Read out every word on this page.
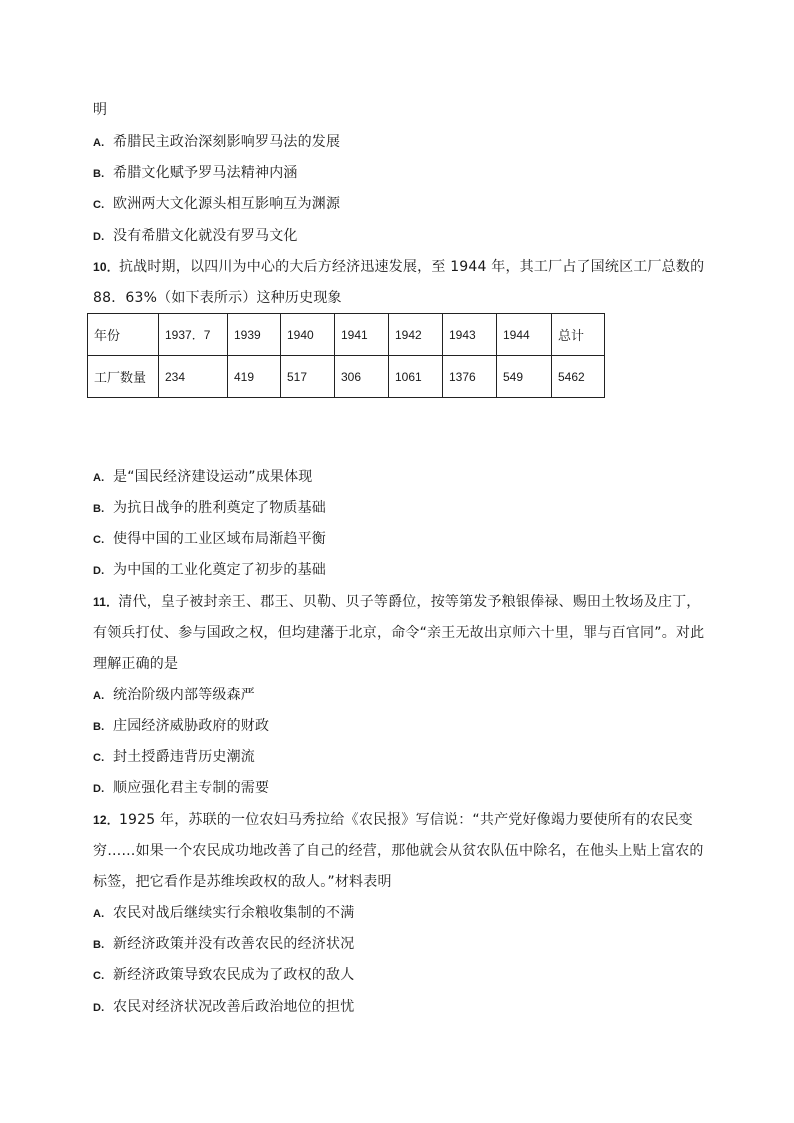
明
A. 希腊民主政治深刻影响罗马法的发展
B. 希腊文化赋予罗马法精神内涵
C. 欧洲两大文化源头相互影响互为渊源
D. 没有希腊文化就没有罗马文化
10．抗战时期，以四川为中心的大后方经济迅速发展，至 1944 年，其工厂占了国统区工厂总数的
88．63%（如下表所示）这种历史现象
年份	1937．7	1939	1940	1941	1942	1943	1944	总计
工厂数量	234	419	517	306	1061	1376	549	5462
A. 是“国民经济建设运动”成果体现
B. 为抗日战争的胜利奠定了物质基础
C. 使得中国的工业区域布局渐趋平衡
D. 为中国的工业化奠定了初步的基础
11．清代，皇子被封亲王、郡王、贝勒、贝子等爵位，按等第发予粮银俸禄、赐田土牧场及庄丁，
有领兵打仗、参与国政之权，但均建藩于北京，命令“亲王无故出京师六十里，罪与百官同”。对此
理解正确的是
A. 统治阶级内部等级森严
B. 庄园经济威胁政府的财政
C. 封土授爵违背历史潮流
D. 顺应强化君主专制的需要
12．1925 年，苏联的一位农妇马秀拉给《农民报》写信说：“共产党好像竭力要使所有的农民变
穷……如果一个农民成功地改善了自己的经营，那他就会从贫农队伍中除名，在他头上贴上富农的
标签，把它看作是苏维埃政权的敌人。”材料表明
A. 农民对战后继续实行余粮收集制的不满
B. 新经济政策并没有改善农民的经济状况
C. 新经济政策导致农民成为了政权的敌人
D. 农民对经济状况改善后政治地位的担忧
